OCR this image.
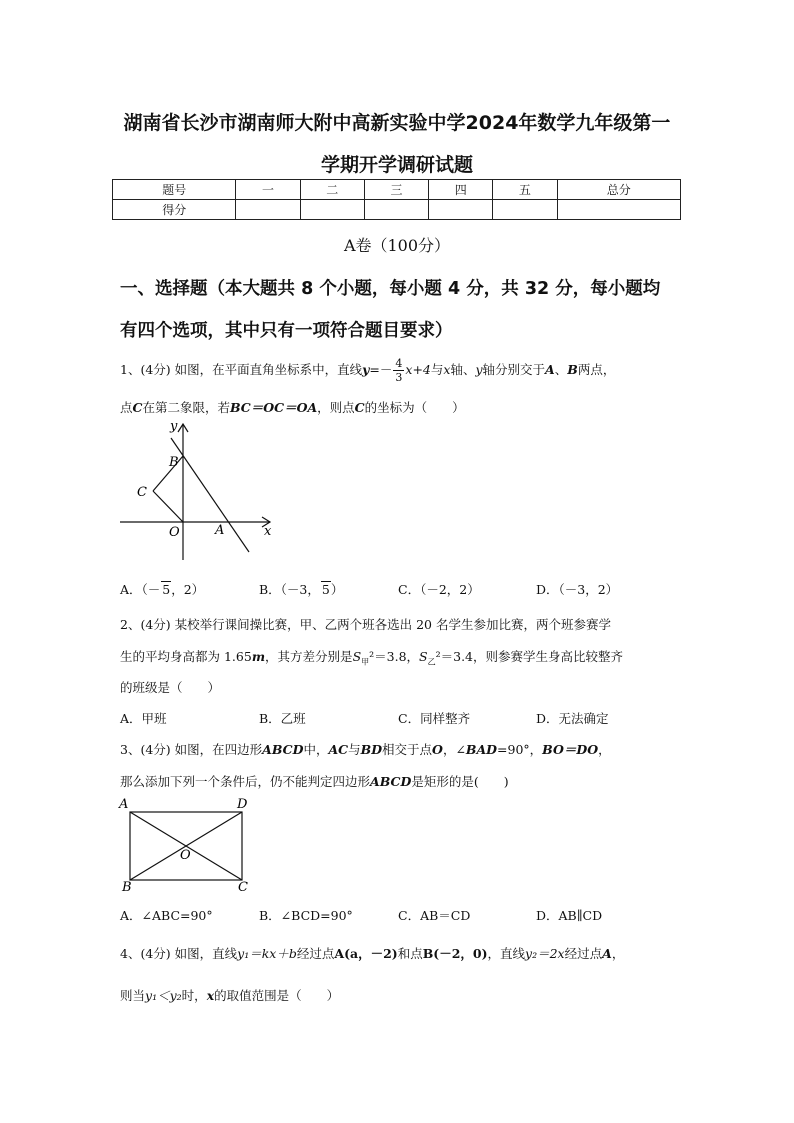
湖南省长沙市湖南师大附中高新实验中学2024年数学九年级第一
学期开学调研试题
题号	一	二	三	四	五	总分
得分						
A卷（100分）
一、选择题（本大题共 8 个小题，每小题 4 分，共 32 分，每小题均
有四个选项，其中只有一项符合题目要求）
1、(4分) 如图，在平面直角坐标系中，直线$y=- \frac{4}{3} x+4$与x轴、y轴分别交于A、B两点，
点C在第二象限，若BC＝OC＝OA，则点C的坐标为（　　）
y
B
C
O	A	x
A．（－ 5，2）	B．（－3， 5）	C．（－2，2）	D．（－3，2）
2、(4分) 某校举行课间操比赛，甲、乙两个班各选出 20 名学生参加比赛，两个班参赛学
生的平均身高都为 1.65m，其方差分别是$S_甲^2=3.8$，$S_乙^2=3.4$，则参赛学生身高比较整齐
的班级是（　　）
A．甲班	B．乙班	C．同样整齐	D．无法确定
3、(4分) 如图，在四边形ABCD中，AC与BD相交于点O，∠BAD=90°，BO＝DO，
那么添加下列一个条件后，仍不能判定四边形ABCD是矩形的是(　　)
A	D
O
B	C
A．∠ABC=90°	B．∠BCD=90°	C．AB＝CD	D．AB∥CD
4、(4分) 如图，直线y₁＝kx＋b经过点A(a，－2)和点B(－2，0)，直线y₂＝2x经过点A，
则当y₁＜y₂时，x的取值范围是（　　）
